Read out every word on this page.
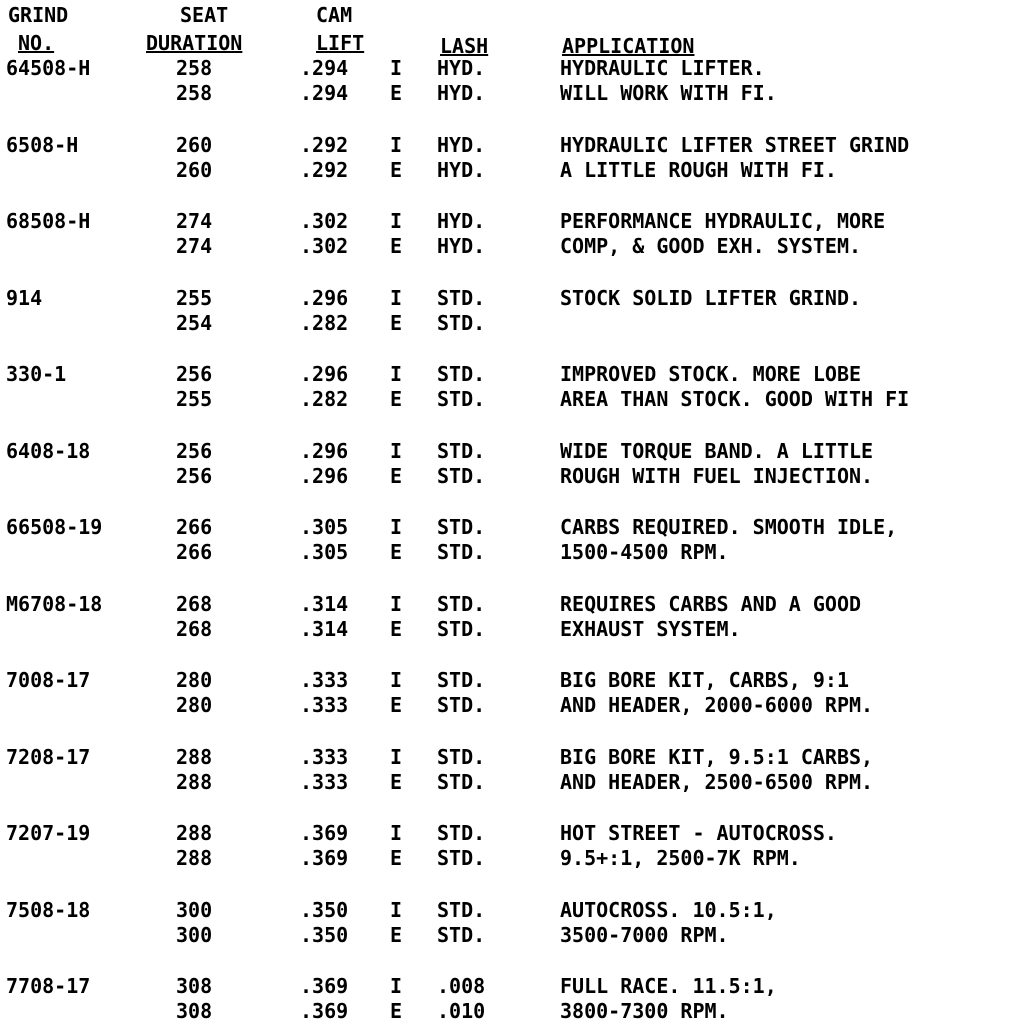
GRIND
NO.
SEAT
DURATION
CAM
LIFT	LASH	APPLICATION
64508-H	258	.294 I HYD.	HYDRAULIC LIFTER.
258	.294 E HYD.	WILL WORK WITH FI.
6508-H	260	.292 I HYD.	HYDRAULIC LIFTER STREET GRIND
260	.292 E HYD.	A LITTLE ROUGH WITH FI.
68508-H	274	.302 I HYD.	PERFORMANCE HYDRAULIC, MORE
274	.302 E HYD.	COMP, & GOOD EXH. SYSTEM.
914	255	.296 I STD.	STOCK SOLID LIFTER GRIND.
254	.282 E STD.
330-1	256	.296 I STD.	IMPROVED STOCK. MORE LOBE
255	.282 E STD.	AREA THAN STOCK. GOOD WITH FI
6408-18	256	.296 I STD.	WIDE TORQUE BAND. A LITTLE
256	.296 E STD.	ROUGH WITH FUEL INJECTION.
66508-19	266	.305 I STD.	CARBS REQUIRED. SMOOTH IDLE,
266	.305 E STD.	1500-4500 RPM.
M6708-18	268	.314 I STD.	REQUIRES CARBS AND A GOOD
268	.314 E STD.	EXHAUST SYSTEM.
7008-17	280	.333 I STD.	BIG BORE KIT, CARBS, 9:1
280	.333 E STD.	AND HEADER, 2000-6000 RPM.
7208-17	288	.333 I STD.	BIG BORE KIT, 9.5:1 CARBS,
288	.333 E STD.	AND HEADER, 2500-6500 RPM.
7207-19	288	.369 I STD.	HOT STREET - AUTOCROSS.
288	.369 E STD.	9.5+:1, 2500-7K RPM.
7508-18	300	.350 I STD.	AUTOCROSS. 10.5:1,
300	.350 E STD.	3500-7000 RPM.
7708-17	308	.369 I .008	FULL RACE. 11.5:1,
308	.369 E .010	3800-7300 RPM.
